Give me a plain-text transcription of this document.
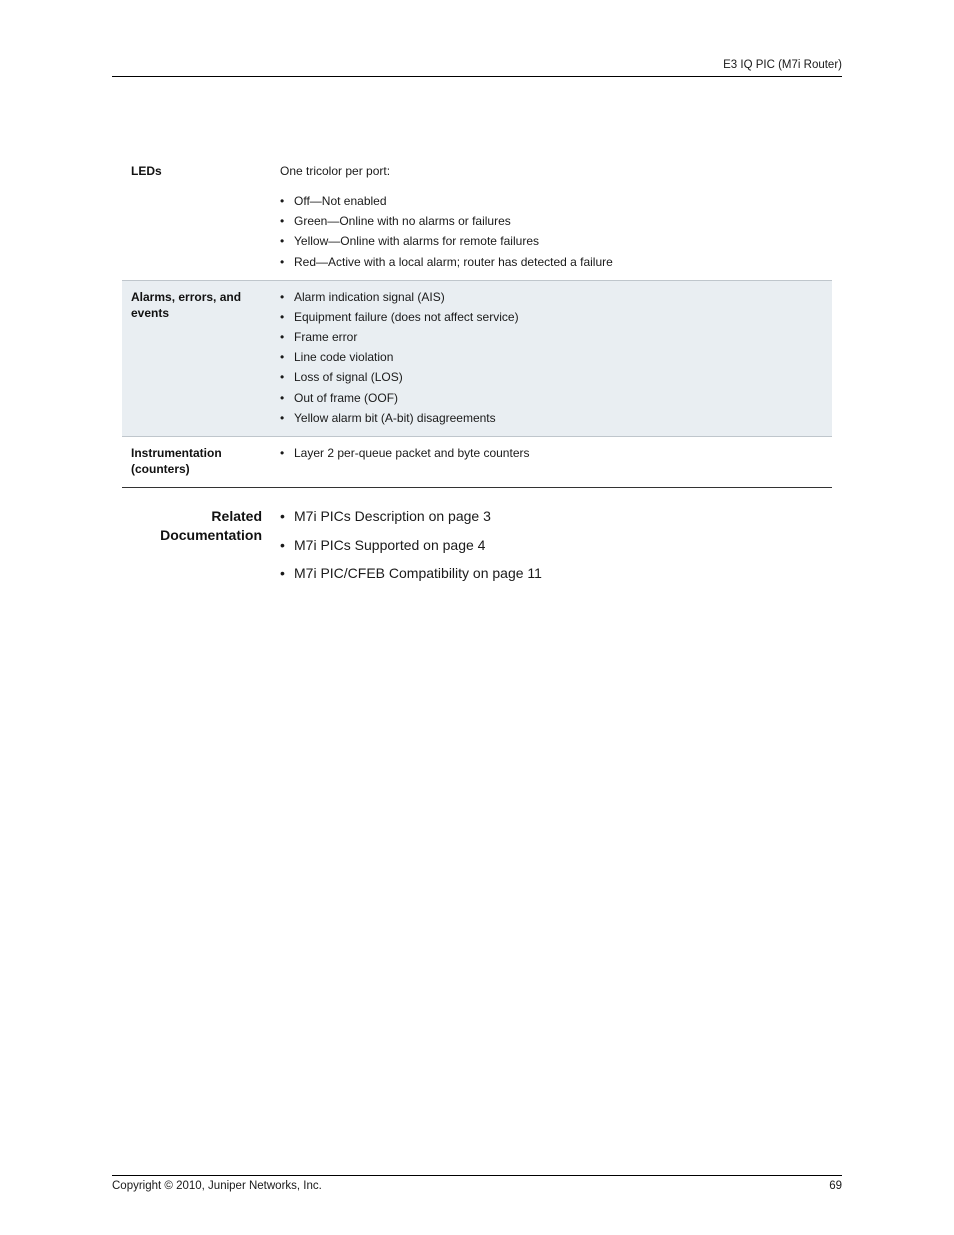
E3 IQ PIC (M7i Router)
LEDs	One tricolor per port:

• Off—Not enabled
• Green—Online with no alarms or failures
• Yellow—Online with alarms for remote failures
• Red—Active with a local alarm; router has detected a failure
Alarms, errors, and events
• Alarm indication signal (AIS)
• Equipment failure (does not affect service)
• Frame error
• Line code violation
• Loss of signal (LOS)
• Out of frame (OOF)
• Yellow alarm bit (A-bit) disagreements
Instrumentation (counters)
• Layer 2 per-queue packet and byte counters
Related Documentation
• M7i PICs Description on page 3
• M7i PICs Supported on page 4
• M7i PIC/CFEB Compatibility on page 11
Copyright © 2010, Juniper Networks, Inc.	69
